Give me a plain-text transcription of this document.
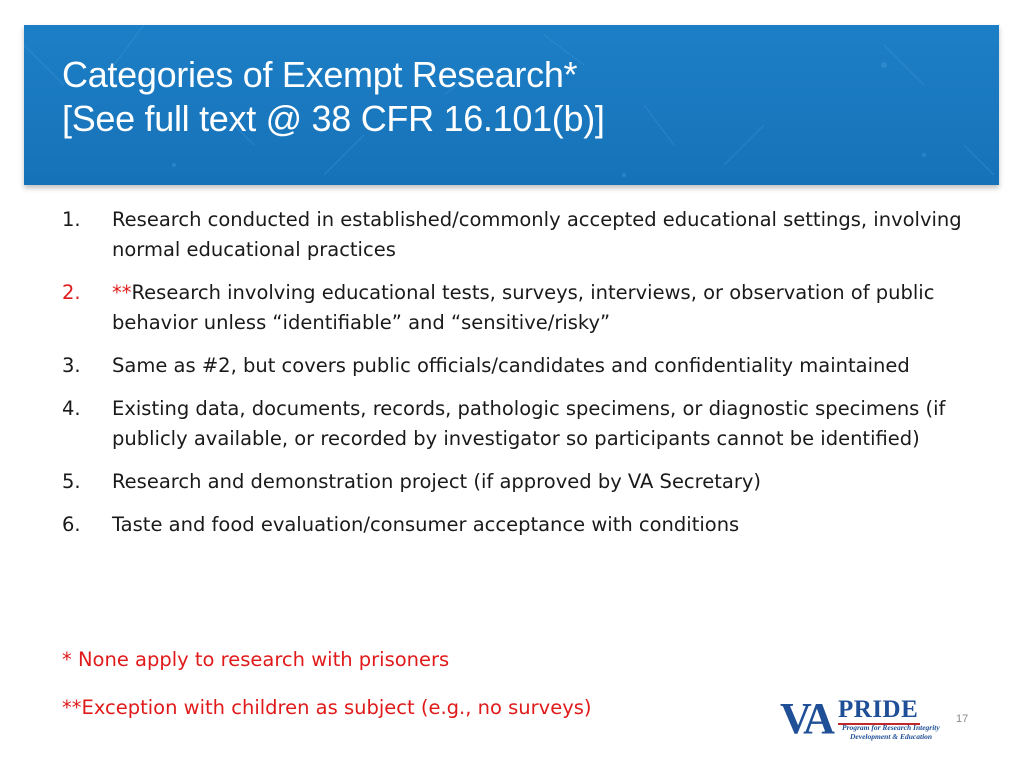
Categories of Exempt Research*
[See full text @ 38 CFR 16.101(b)]
1. Research conducted in established/commonly accepted educational settings, involving normal educational practices
2. **Research involving educational tests, surveys, interviews, or observation of public behavior unless “identifiable” and “sensitive/risky”
3. Same as #2, but covers public officials/candidates and confidentiality maintained
4. Existing data, documents, records, pathologic specimens, or diagnostic specimens (if publicly available, or recorded by investigator so participants cannot be identified)
5. Research and demonstration project (if approved by VA Secretary)
6. Taste and food evaluation/consumer acceptance with conditions
* None apply to research with prisoners
**Exception with children as subject (e.g., no surveys)	VA PRIDE
Program for Research Integrity
Development & Education
17
